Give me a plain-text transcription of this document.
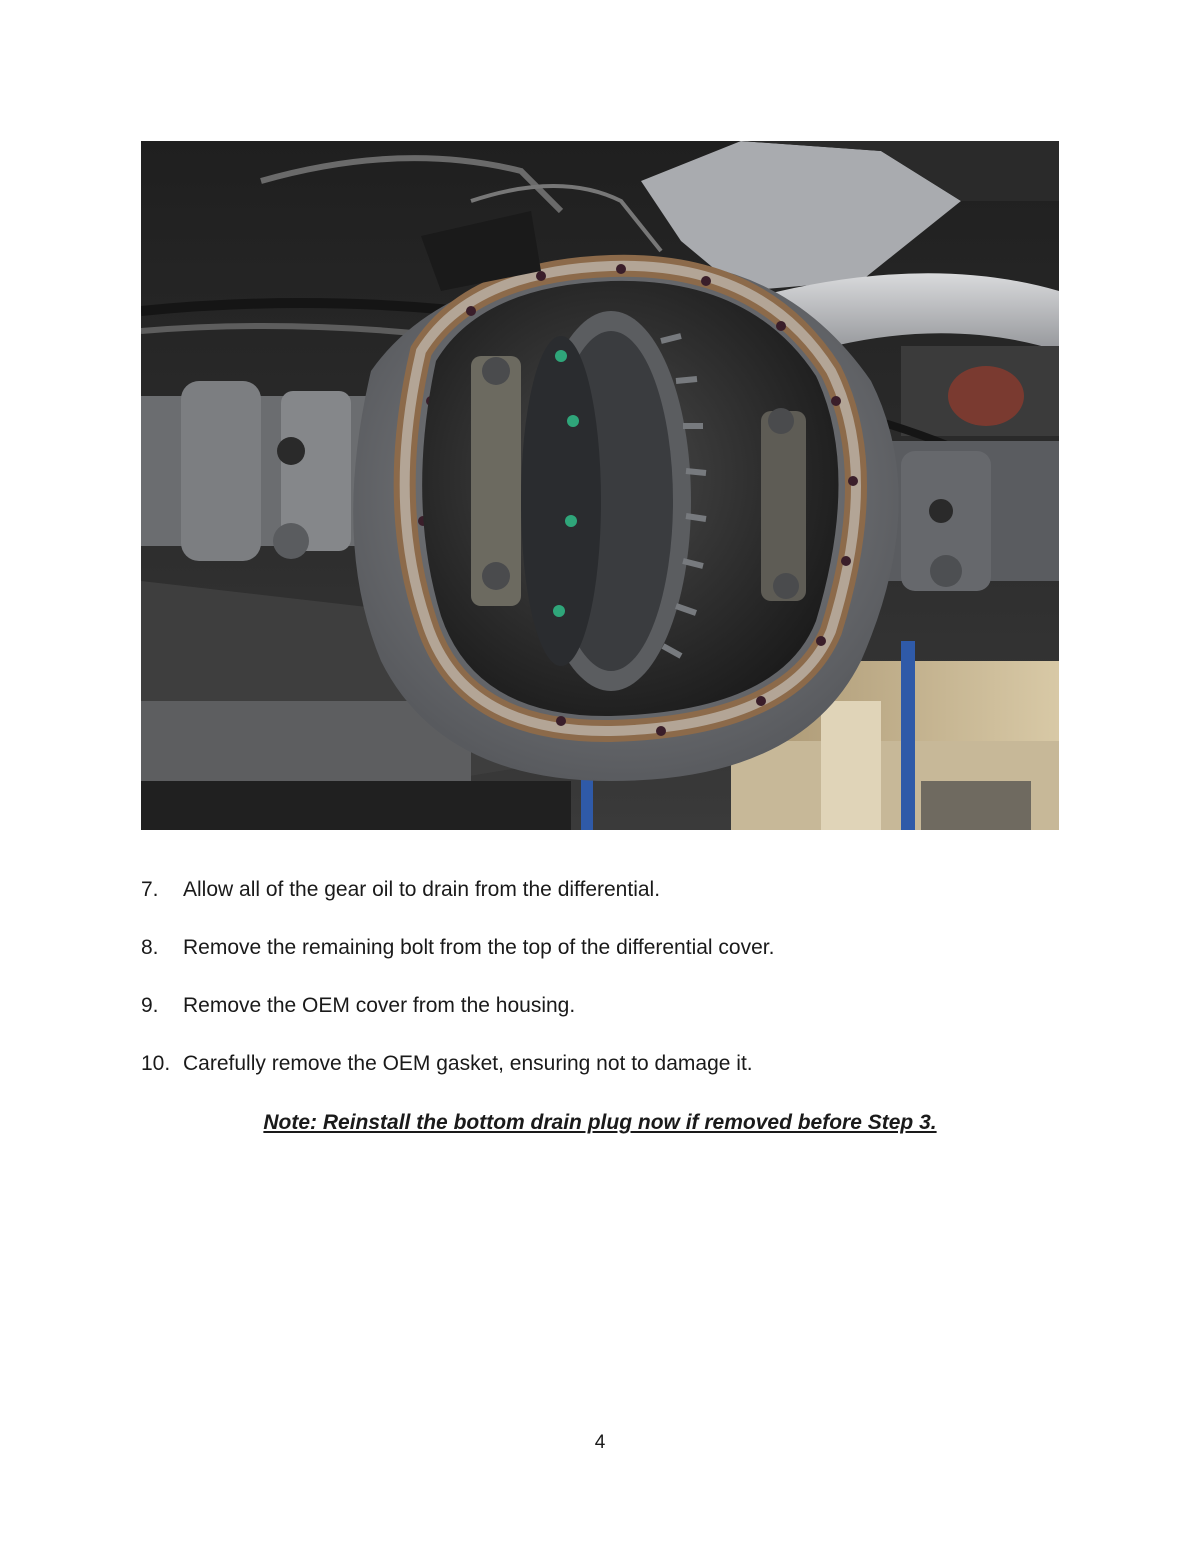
7.	Allow all of the gear oil to drain from the differential.
8.	Remove the remaining bolt from the top of the differential cover.
9.	Remove the OEM cover from the housing.
10. Carefully remove the OEM gasket, ensuring not to damage it.
Note: Reinstall the bottom drain plug now if removed before Step 3.
4
